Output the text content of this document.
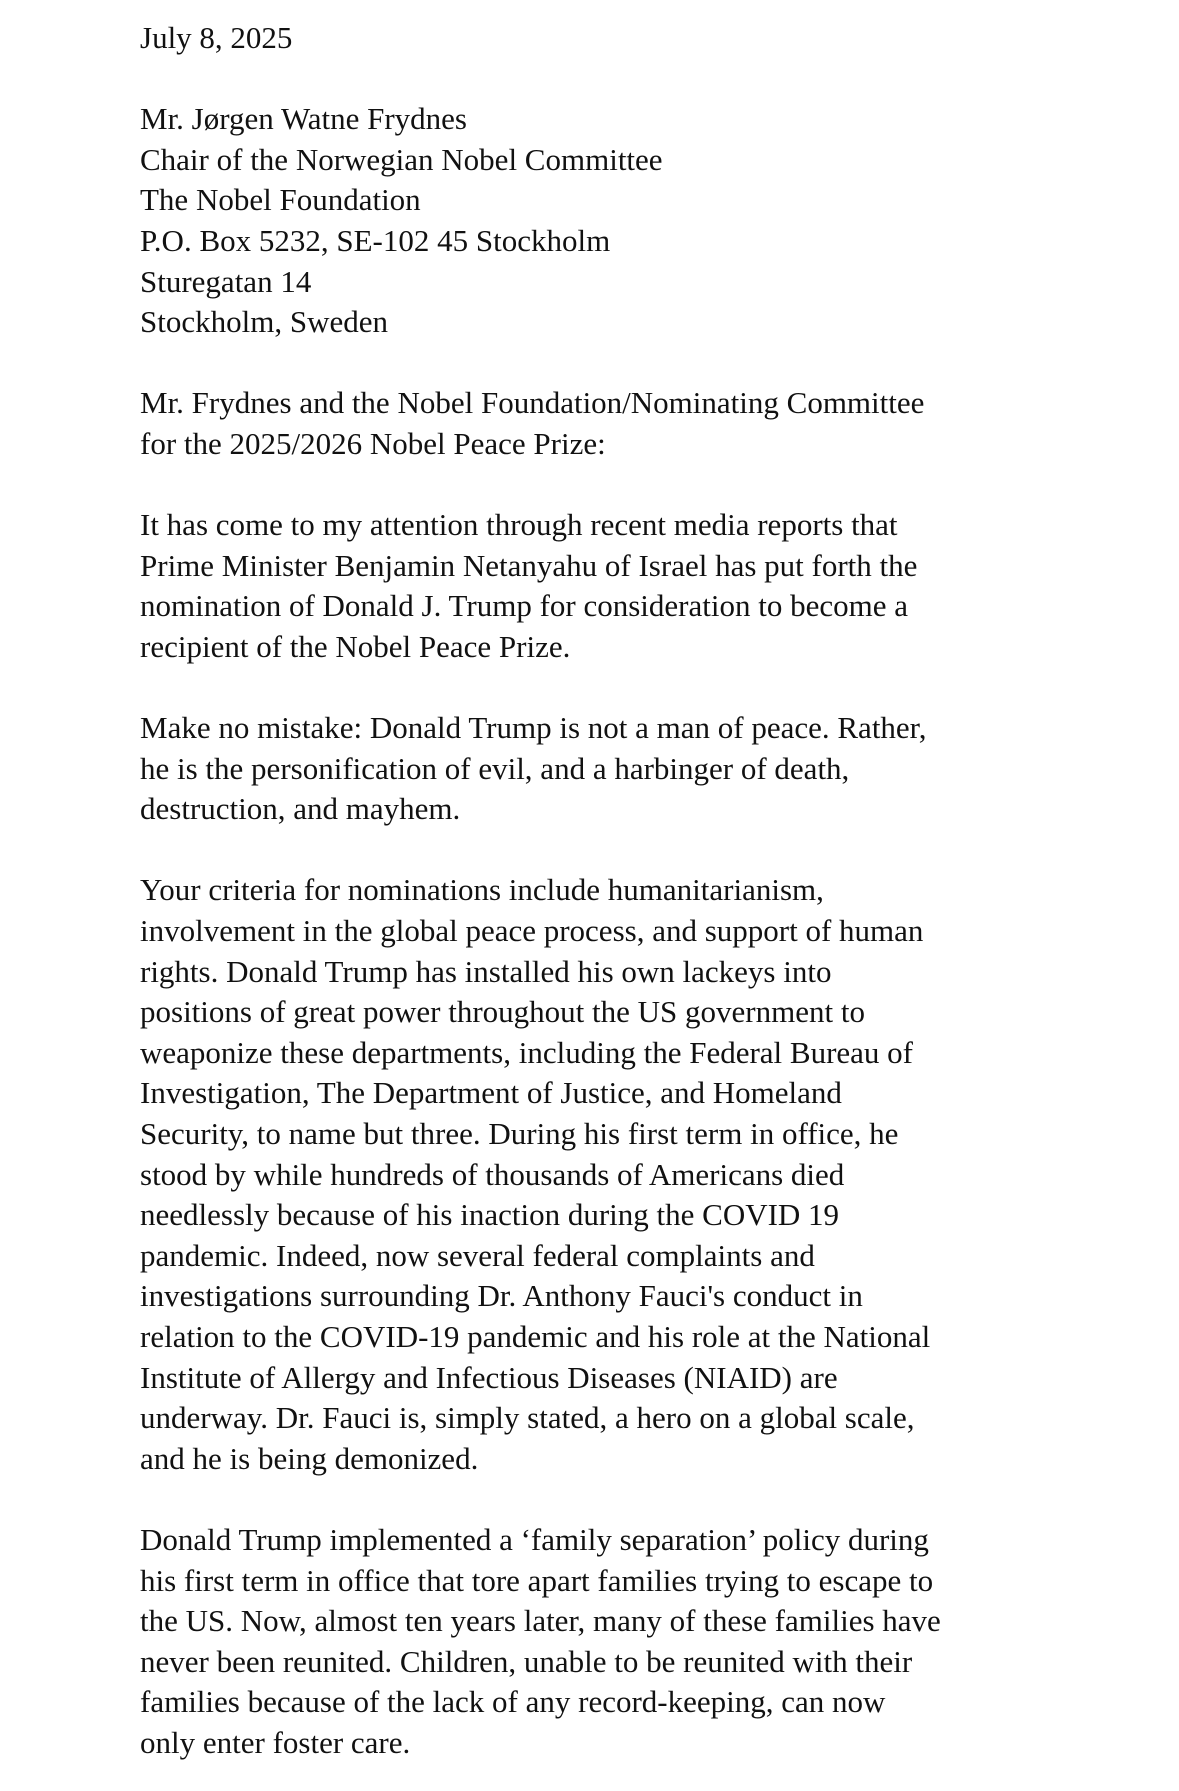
July 8, 2025
Mr. Jørgen Watne Frydnes
Chair of the Norwegian Nobel Committee
The Nobel Foundation
P.O. Box 5232, SE-102 45 Stockholm
Sturegatan 14
Stockholm, Sweden
Mr. Frydnes and the Nobel Foundation/Nominating Committee
for the 2025/2026 Nobel Peace Prize:
It has come to my attention through recent media reports that
Prime Minister Benjamin Netanyahu of Israel has put forth the
nomination of Donald J. Trump for consideration to become a
recipient of the Nobel Peace Prize.
Make no mistake: Donald Trump is not a man of peace. Rather,
he is the personification of evil, and a harbinger of death,
destruction, and mayhem.
Your criteria for nominations include humanitarianism,
involvement in the global peace process, and support of human
rights. Donald Trump has installed his own lackeys into
positions of great power throughout the US government to
weaponize these departments, including the Federal Bureau of
Investigation, The Department of Justice, and Homeland
Security, to name but three. During his first term in office, he
stood by while hundreds of thousands of Americans died
needlessly because of his inaction during the COVID 19
pandemic. Indeed, now several federal complaints and
investigations surrounding Dr. Anthony Fauci's conduct in
relation to the COVID-19 pandemic and his role at the National
Institute of Allergy and Infectious Diseases (NIAID) are
underway. Dr. Fauci is, simply stated, a hero on a global scale,
and he is being demonized.
Donald Trump implemented a ‘family separation’ policy during
his first term in office that tore apart families trying to escape to
the US. Now, almost ten years later, many of these families have
never been reunited. Children, unable to be reunited with their
families because of the lack of any record-keeping, can now
only enter foster care.
